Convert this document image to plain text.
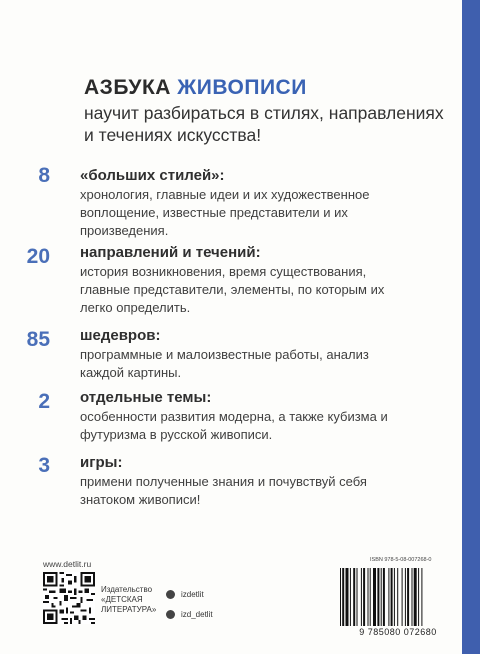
АЗБУКА ЖИВОПИСИ
научит разбираться в стилях, направлениях и течениях искусства!
8 «больших стилей»:
хронология, главные идеи и их художественное воплощение, известные представители и их произведения.
20 направлений и течений:
история возникновения, время существования, главные представители, элементы, по которым их легко определить.
85 шедевров:
программные и малоизвестные работы, анализ каждой картины.
2 отдельные темы:
особенности развития модерна, а также кубизма и футуризма в русской живописи.
3 игры:
примени полученные знания и почувствуй себя знатоком живописи!
www.detlit.ru
Издательство
«ДЕТСКАЯ
ЛИТЕРАТУРА»
izdetlit
izd_detlit
ISBN 978-5-08-007268-0
9 785080 072680
